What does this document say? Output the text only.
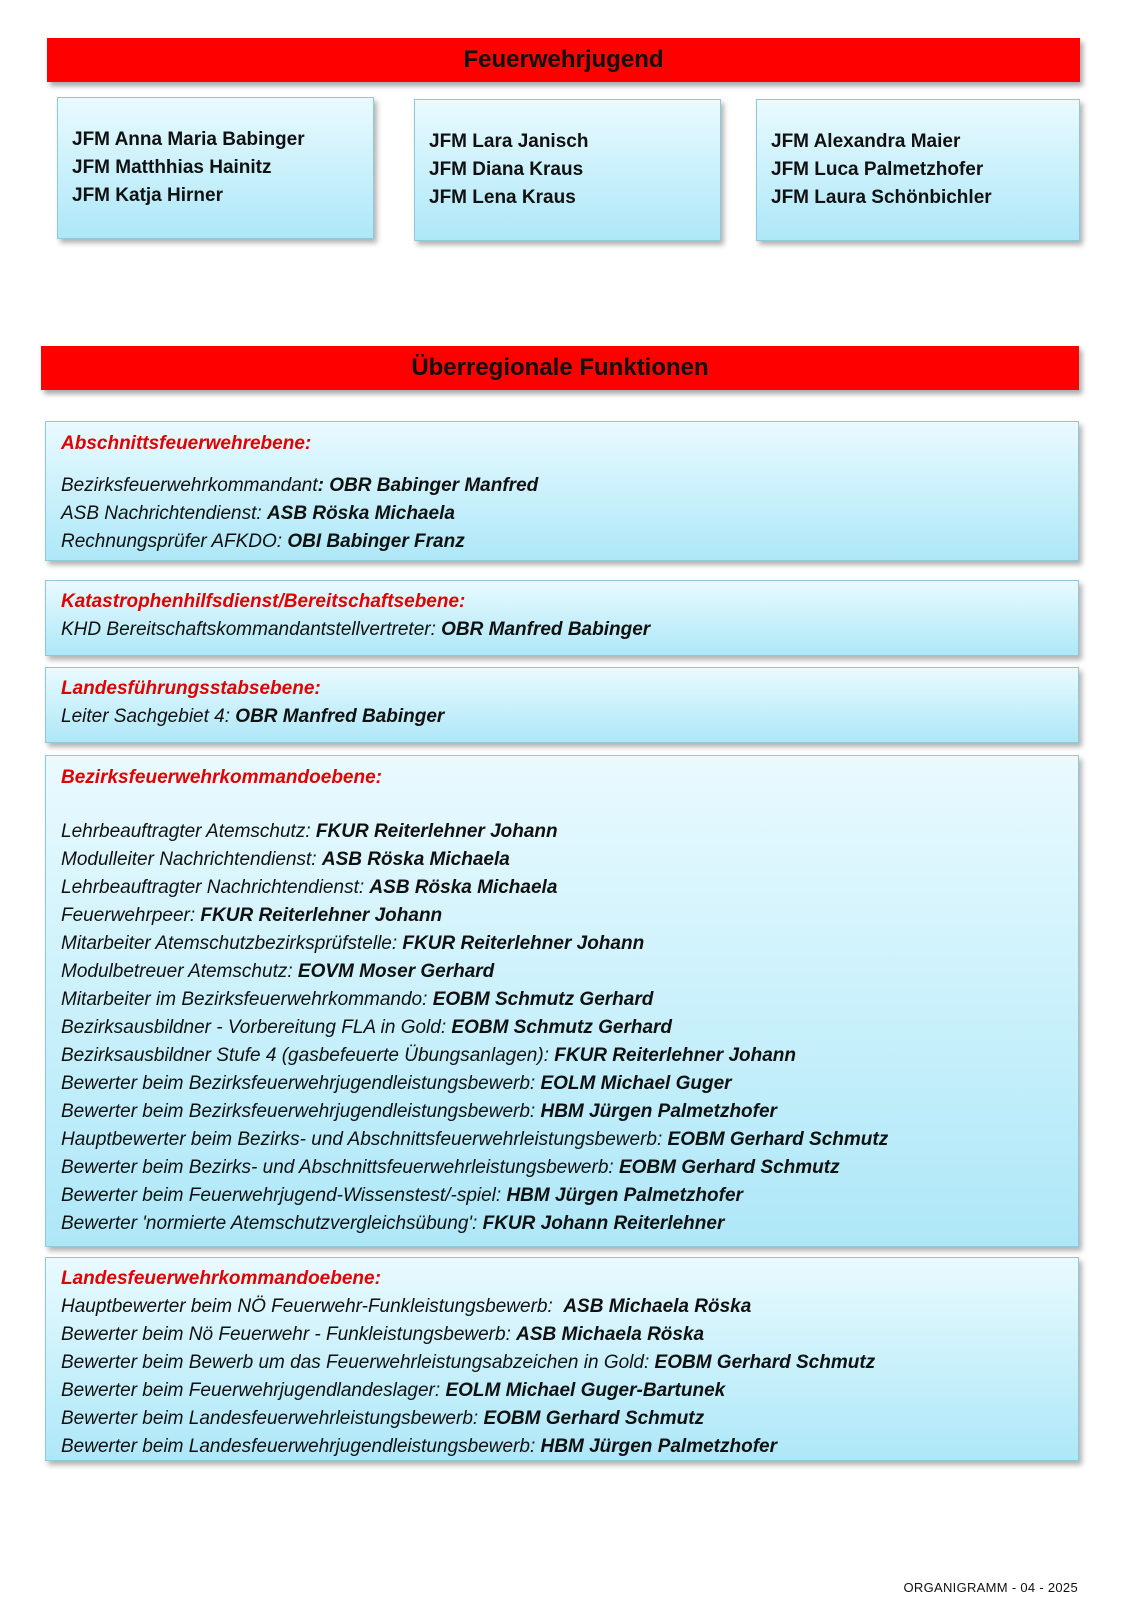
Feuerwehrjugend
JFM Anna Maria Babinger
JFM Matthhias Hainitz
JFM Katja Hirner
JFM Lara Janisch
JFM Diana Kraus
JFM Lena Kraus
JFM Alexandra Maier
JFM Luca Palmetzhofer
JFM Laura Schönbichler
Überregionale Funktionen
Abschnittsfeuerwehrebene:
Bezirksfeuerwehrkommandant: OBR Babinger Manfred
ASB Nachrichtendienst: ASB Röska Michaela
Rechnungsprüfer AFKDO: OBI Babinger Franz
Katastrophenhilfsdienst/Bereitschaftsebene:
KHD Bereitschaftskommandantstellvertreter: OBR Manfred Babinger
Landesführungsstabsebene:
Leiter Sachgebiet 4: OBR Manfred Babinger
Bezirksfeuerwehrkommandoebene:
Lehrbeauftragter Atemschutz: FKUR Reiterlehner Johann
Modulleiter Nachrichtendienst: ASB Röska Michaela
Lehrbeauftragter Nachrichtendienst: ASB Röska Michaela
Feuerwehrpeer: FKUR Reiterlehner Johann
Mitarbeiter Atemschutzbezirksprüfstelle: FKUR Reiterlehner Johann
Modulbetreuer Atemschutz: EOVM Moser Gerhard
Mitarbeiter im Bezirksfeuerwehrkommando: EOBM Schmutz Gerhard
Bezirksausbildner - Vorbereitung FLA in Gold: EOBM Schmutz Gerhard
Bezirksausbildner Stufe 4 (gasbefeuerte Übungsanlagen): FKUR Reiterlehner Johann
Bewerter beim Bezirksfeuerwehrjugendleistungsbewerb: EOLM Michael Guger
Bewerter beim Bezirksfeuerwehrjugendleistungsbewerb: HBM Jürgen Palmetzhofer
Hauptbewerter beim Bezirks- und Abschnittsfeuerwehrleistungsbewerb: EOBM Gerhard Schmutz
Bewerter beim Bezirks- und Abschnittsfeuerwehrleistungsbewerb: EOBM Gerhard Schmutz
Bewerter beim Feuerwehrjugend-Wissenstest/-spiel: HBM Jürgen Palmetzhofer
Bewerter 'normierte Atemschutzvergleichsübung': FKUR Johann Reiterlehner
Landesfeuerwehrkommandoebene:
Hauptbewerter beim NÖ Feuerwehr-Funkleistungsbewerb:  ASB Michaela Röska
Bewerter beim Nö Feuerwehr - Funkleistungsbewerb: ASB Michaela Röska
Bewerter beim Bewerb um das Feuerwehrleistungsabzeichen in Gold: EOBM Gerhard Schmutz
Bewerter beim Feuerwehrjugendlandeslager: EOLM Michael Guger-Bartunek
Bewerter beim Landesfeuerwehrleistungsbewerb: EOBM Gerhard Schmutz
Bewerter beim Landesfeuerwehrjugendleistungsbewerb: HBM Jürgen Palmetzhofer
ORGANIGRAMM - 04 - 2025
